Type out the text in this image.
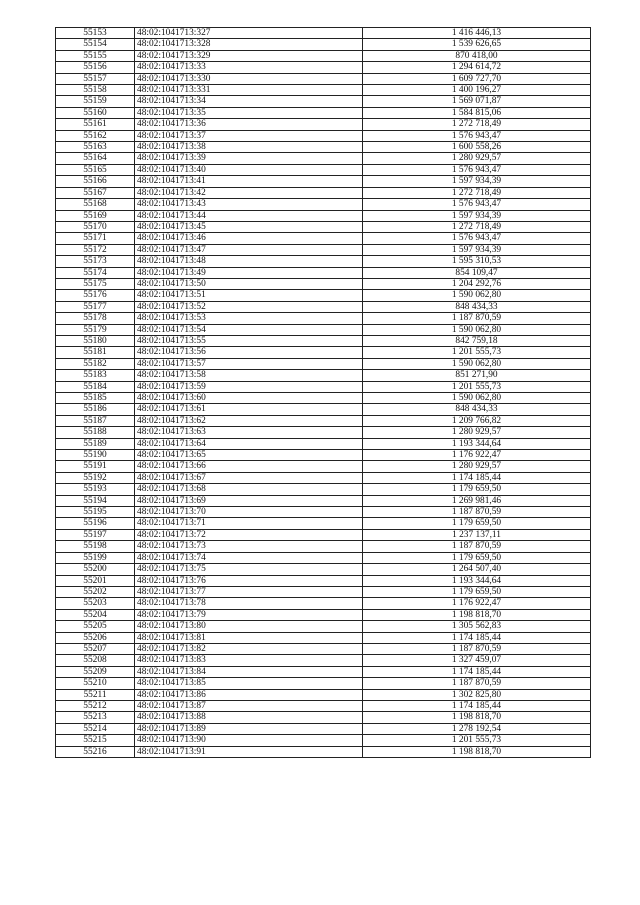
55153	48:02:1041713:327	1 416 446,13
55154	48:02:1041713:328	1 539 626,65
55155	48:02:1041713:329	870 418,00
55156	48:02:1041713:33	1 294 614,72
55157	48:02:1041713:330	1 609 727,70
55158	48:02:1041713:331	1 400 196,27
55159	48:02:1041713:34	1 569 071,87
55160	48:02:1041713:35	1 584 815,06
55161	48:02:1041713:36	1 272 718,49
55162	48:02:1041713:37	1 576 943,47
55163	48:02:1041713:38	1 600 558,26
55164	48:02:1041713:39	1 280 929,57
55165	48:02:1041713:40	1 576 943,47
55166	48:02:1041713:41	1 597 934,39
55167	48:02:1041713:42	1 272 718,49
55168	48:02:1041713:43	1 576 943,47
55169	48:02:1041713:44	1 597 934,39
55170	48:02:1041713:45	1 272 718,49
55171	48:02:1041713:46	1 576 943,47
55172	48:02:1041713:47	1 597 934,39
55173	48:02:1041713:48	1 595 310,53
55174	48:02:1041713:49	854 109,47
55175	48:02:1041713:50	1 204 292,76
55176	48:02:1041713:51	1 590 062,80
55177	48:02:1041713:52	848 434,33
55178	48:02:1041713:53	1 187 870,59
55179	48:02:1041713:54	1 590 062,80
55180	48:02:1041713:55	842 759,18
55181	48:02:1041713:56	1 201 555,73
55182	48:02:1041713:57	1 590 062,80
55183	48:02:1041713:58	851 271,90
55184	48:02:1041713:59	1 201 555,73
55185	48:02:1041713:60	1 590 062,80
55186	48:02:1041713:61	848 434,33
55187	48:02:1041713:62	1 209 766,82
55188	48:02:1041713:63	1 280 929,57
55189	48:02:1041713:64	1 193 344,64
55190	48:02:1041713:65	1 176 922,47
55191	48:02:1041713:66	1 280 929,57
55192	48:02:1041713:67	1 174 185,44
55193	48:02:1041713:68	1 179 659,50
55194	48:02:1041713:69	1 269 981,46
55195	48:02:1041713:70	1 187 870,59
55196	48:02:1041713:71	1 179 659,50
55197	48:02:1041713:72	1 237 137,11
55198	48:02:1041713:73	1 187 870,59
55199	48:02:1041713:74	1 179 659,50
55200	48:02:1041713:75	1 264 507,40
55201	48:02:1041713:76	1 193 344,64
55202	48:02:1041713:77	1 179 659,50
55203	48:02:1041713:78	1 176 922,47
55204	48:02:1041713:79	1 198 818,70
55205	48:02:1041713:80	1 305 562,83
55206	48:02:1041713:81	1 174 185,44
55207	48:02:1041713:82	1 187 870,59
55208	48:02:1041713:83	1 327 459,07
55209	48:02:1041713:84	1 174 185,44
55210	48:02:1041713:85	1 187 870,59
55211	48:02:1041713:86	1 302 825,80
55212	48:02:1041713:87	1 174 185,44
55213	48:02:1041713:88	1 198 818,70
55214	48:02:1041713:89	1 278 192,54
55215	48:02:1041713:90	1 201 555,73
55216	48:02:1041713:91	1 198 818,70
